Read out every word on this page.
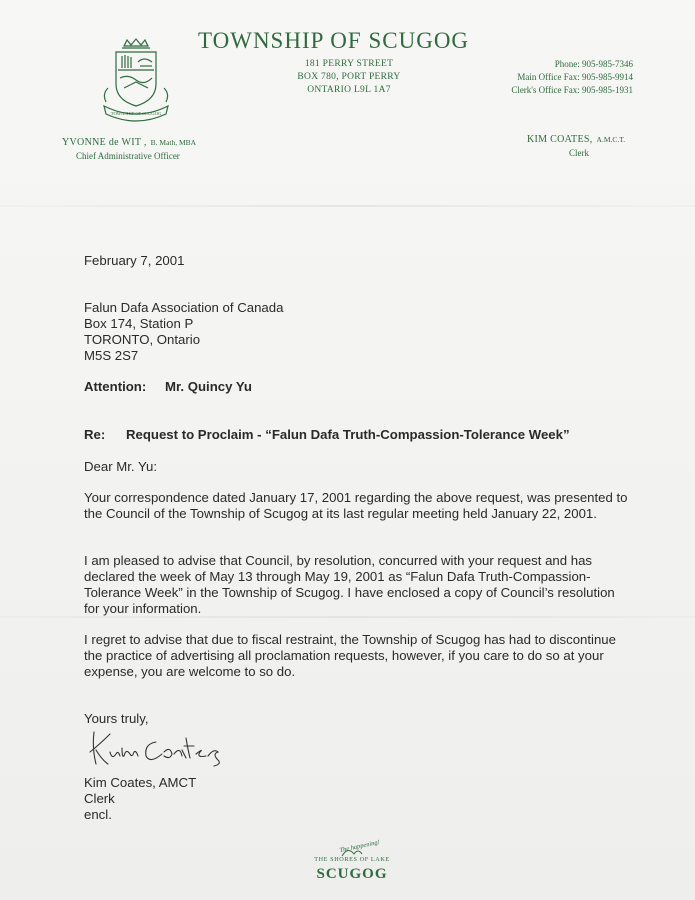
TOWNSHIP OF SCUGOG
TOWNSHIP OF SCUGOG
181 PERRY STREET
BOX 780, PORT PERRY
ONTARIO L9L 1A7
Phone: 905-985-7346
Main Office Fax: 905-985-9914
Clerk's Office Fax: 905-985-1931
YVONNE de WIT , B. Math, MBA
Chief Administrative Officer
KIM COATES, A.M.C.T.
Clerk
February 7, 2001
Falun Dafa Association of Canada
Box 174, Station P
TORONTO, Ontario
M5S 2S7
Attention: Mr. Quincy Yu
Re: Request to Proclaim - “Falun Dafa Truth-Compassion-Tolerance Week”
Dear Mr. Yu:
Your correspondence dated January 17, 2001 regarding the above request, was presented to the Council of the Township of Scugog at its last regular meeting held January 22, 2001.
I am pleased to advise that Council, by resolution, concurred with your request and has declared the week of May 13 through May 19, 2001 as “Falun Dafa Truth-Compassion-Tolerance Week” in the Township of Scugog. I have enclosed a copy of Council’s resolution for your information.
I regret to advise that due to fiscal restraint, the Township of Scugog has had to discontinue the practice of advertising all proclamation requests, however, if you care to do so at your expense, you are welcome to so do.
Yours truly,
Kim Coates, AMCT
Clerk
encl.
The happening!
THE SHORES OF LAKE
SCUGOG
